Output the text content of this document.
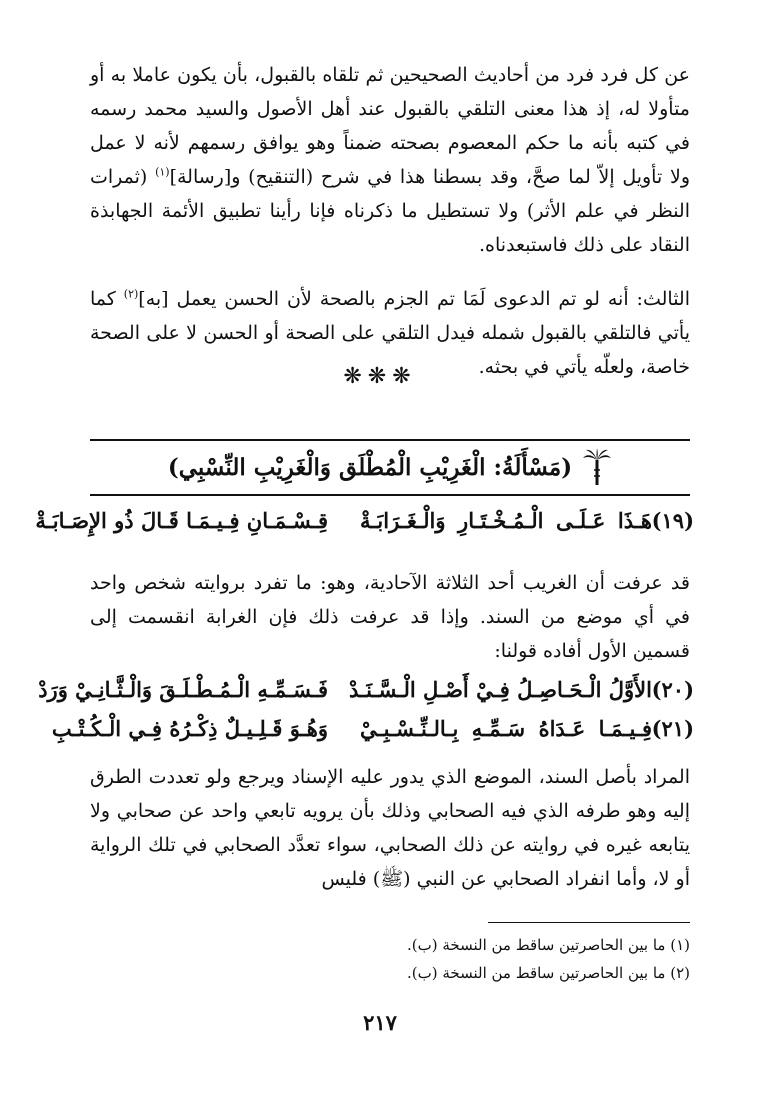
عن كل فرد فرد من أحاديث الصحيحين ثم تلقاه بالقبول، بأن يكون عاملا به أو متأولا له، إذ هذا معنى التلقي بالقبول عند أهل الأصول والسيد محمد رسمه في كتبه بأنه ما حكم المعصوم بصحته ضمناً وهو يوافق رسمهم لأنه لا عمل ولا تأويل إلاّ لما صحَّ، وقد بسطنا هذا في شرح (التنقيح) و[رسالة]$^{(١)}$ (ثمرات النظر في علم الأثر) ولا تستطيل ما ذكرناه فإنا رأينا تطبيق الأئمة الجهابذة النقاد على ذلك فاستبعدناه.

الثالث: أنه لو تم الدعوى لَمَا تم الجزم بالصحة لأن الحسن يعمل [به]$^{(٢)}$ كما يأتي فالتلقي بالقبول شمله فيدل التلقي على الصحة أو الحسن لا على الصحة خاصة، ولعلّه يأتي في بحثه.

❋❋❋
(مَسْأَلَةُ: الْغَرِيْبِ الْمُطْلَق وَالْغَرِيْبِ النِّسْبِي)
(١٩)
هَـذَا عَـلَـى الْـمُـخْـتَـارِ وَالْـغَـرَابَـةْ
قِـسْـمَـانِ فِـيـمَـا قَـالَ ذُو الإِصَـابَـةْ

قد عرفت أن الغريب أحد الثلاثة الآحادية، وهو: ما تفرد بروايته شخص واحد في أي موضع من السند. وإذا قد عرفت ذلك فإن الغرابة انقسمت إلى قسمين الأول أفاده قولنا:

(٢٠)
الأَوَّلُ الْـحَـاصِـلُ فِـيْ أَصْـلِ الْـسَّـنَـدْ
فَـسَـمِّـهِ الْـمُـطْـلَـقَ وَالْـثَّـانِـيْ وَرَدْ
(٢١)
فِـيـمَـا عَـدَاهُ سَـمِّـهِ بِـالـنِّـسْـبِـيْ
وَهُـوَ قَـلِـيـلٌ ذِكْـرُهُ فِـي الْـكُـتْـبِ

المراد بأصل السند، الموضع الذي يدور عليه الإسناد ويرجع ولو تعددت الطرق إليه وهو طرفه الذي فيه الصحابي وذلك بأن يرويه تابعي واحد عن صحابي ولا يتابعه غيره في روايته عن ذلك الصحابي، سواء تعدَّد الصحابي في تلك الرواية أو لا، وأما انفراد الصحابي عن النبي (ﷺ) فليس

(١) ما بين الحاصرتين ساقط من النسخة (ب).
(٢) ما بين الحاصرتين ساقط من النسخة (ب).
٢١٧
